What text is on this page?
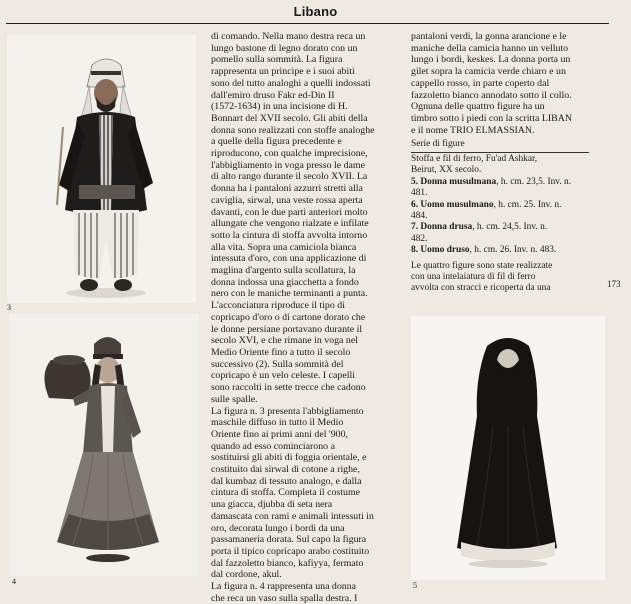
Libano
3
4

di comando. Nella mano destra reca un
lungo bastone di legno dorato con un
pomello sulla sommità. La figura
rappresenta un principe e i suoi abiti
sono del tutto analoghi a quelli indossati
dall'emiro druso Fakr ed-Din II
(1572-1634) in una incisione di H.
Bonnart del XVII secolo. Gli abiti della
donna sono realizzati con stoffe analoghe
a quelle della figura precedente e
riproducono, con qualche imprecisione,
l'abbigliamento in voga presso le dame
di alto rango durante il secolo XVII. La
donna ha i pantaloni azzurri stretti alla
caviglia, sirwal, una veste rossa aperta
davanti, con le due parti anteriori molto
allungate che vengono rialzate e infilate
sotto la cintura di stoffa avvolta intorno
alla vita. Sopra una camiciola bianca
intessuta d'oro, con una applicazione di
maglina d'argento sulla scollatura, la
donna indossa una giacchetta a fondo
nero con le maniche terminanti a punta.
L'acconciatura riproduce il tipo di
copricapo d'oro o di cartone dorato che
le donne persiane portavano durante il
secolo XVI, e che rimane in voga nel
Medio Oriente fino a tutto il secolo
successivo (2). Sulla sommità del
copricapo è un velo celeste. I capelli
sono raccolti in sette trecce che cadono
sulle spalle.
La figura n. 3 presenta l'abbigliamento
maschile diffuso in tutto il Medio
Oriente fino ai primi anni del '900,
quando ad esso cominciarono a
sostituirsi gli abiti di foggia orientale, e
costituito dai sirwal di cotone a righe,
dal kumbaz di tessuto analogo, e dalla
cintura di stoffa. Completa il costume
una giacca, djubba di seta nera
damascata con rami e animali intessuti in
oro, decorata lungo i bordi da una
passamaneria dorata. Sul capo la figura
porta il tipico copricapo arabo costituito
dal fazzoletto bianco, kafiyya, fermato
dal cordone, akul.
La figura n. 4 rappresenta una donna
che reca un vaso sulla spalla destra. I

pantaloni verdi, la gonna arancione e le
maniche della camicia hanno un velluto
lungo i bordi, keskes. La donna porta un
gilet sopra la camicia verde chiaro e un
cappello rosso, in parte coperto dal
fazzoletto bianco annodato sotto il collo.
Ognuna delle quattro figure ha un
timbro sotto i piedi con la scritta LIBAN
e il nome TRIO ELMASSIAN.

Serie di figure
Stoffa e fil di ferro, Fu'ad Ashkar,
Beirut, XX secolo.
5. Donna musulmana, h. cm. 23,5. Inv. n.
481.
6. Uomo musulmano, h. cm. 25. Inv. n.
484.
7. Donna drusa, h. cm. 24,5. Inv. n.
482.
8. Uomo druso, h. cm. 26. Inv. n. 483.
Le quattro figure sono state realizzate
con una intelaiatura di fil di ferro
avvolta con stracci e ricoperta da una	173
5
